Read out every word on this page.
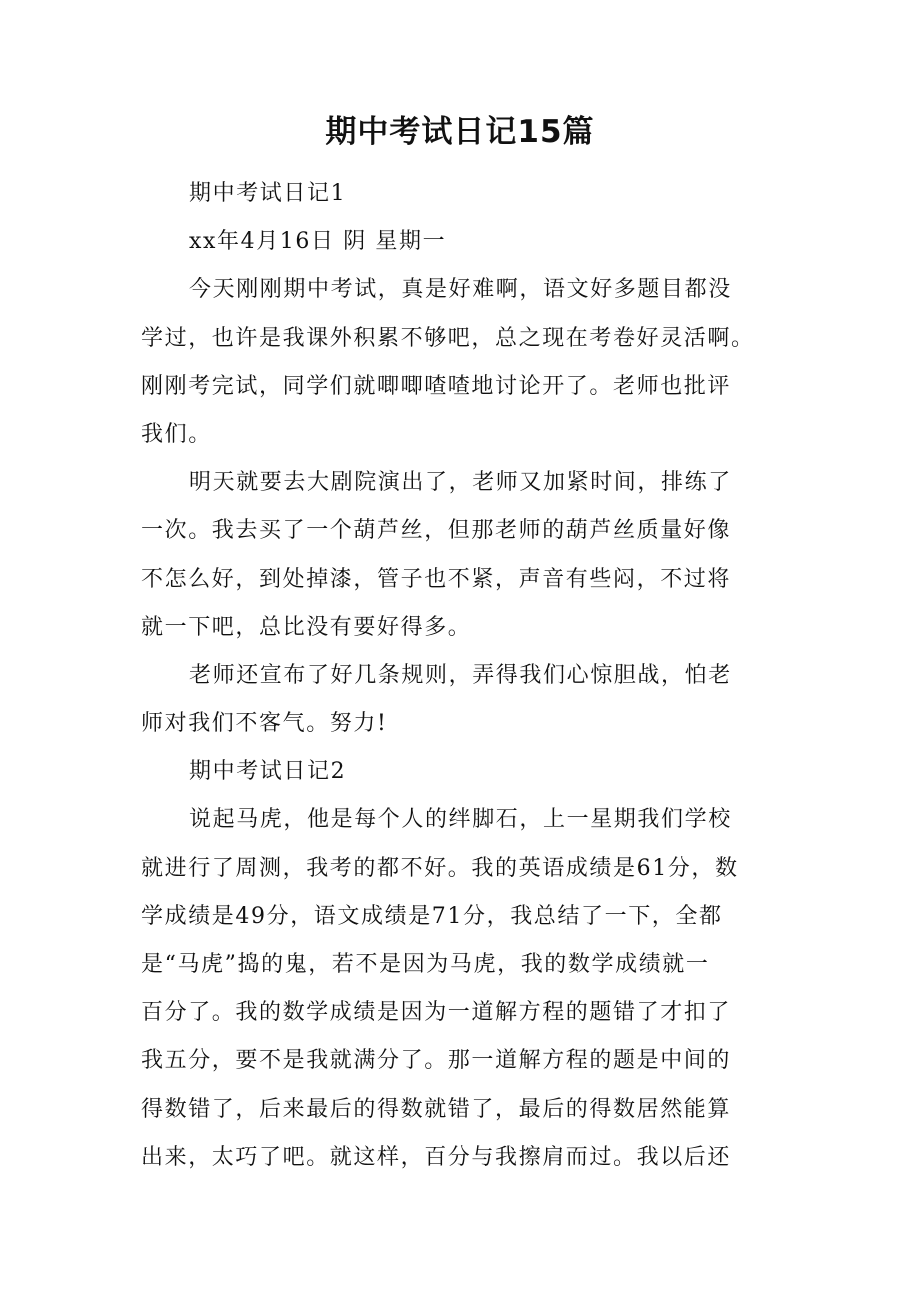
期中考试日记15篇
期中考试日记1
xx年4月16日 阴 星期一
今天刚刚期中考试，真是好难啊，语文好多题目都没
学过，也许是我课外积累不够吧，总之现在考卷好灵活啊。
刚刚考完试，同学们就唧唧喳喳地讨论开了。老师也批评
我们。
明天就要去大剧院演出了，老师又加紧时间，排练了
一次。我去买了一个葫芦丝，但那老师的葫芦丝质量好像
不怎么好，到处掉漆，管子也不紧，声音有些闷，不过将
就一下吧，总比没有要好得多。
老师还宣布了好几条规则，弄得我们心惊胆战，怕老
师对我们不客气。努力!
期中考试日记2
说起马虎，他是每个人的绊脚石，上一星期我们学校
就进行了周测，我考的都不好。我的英语成绩是61分，数
学成绩是49分，语文成绩是71分，我总结了一下，全都
是“马虎”捣的鬼，若不是因为马虎，我的数学成绩就一
百分了。我的数学成绩是因为一道解方程的题错了才扣了
我五分，要不是我就满分了。那一道解方程的题是中间的
得数错了，后来最后的得数就错了，最后的得数居然能算
出来，太巧了吧。就这样，百分与我擦肩而过。我以后还
